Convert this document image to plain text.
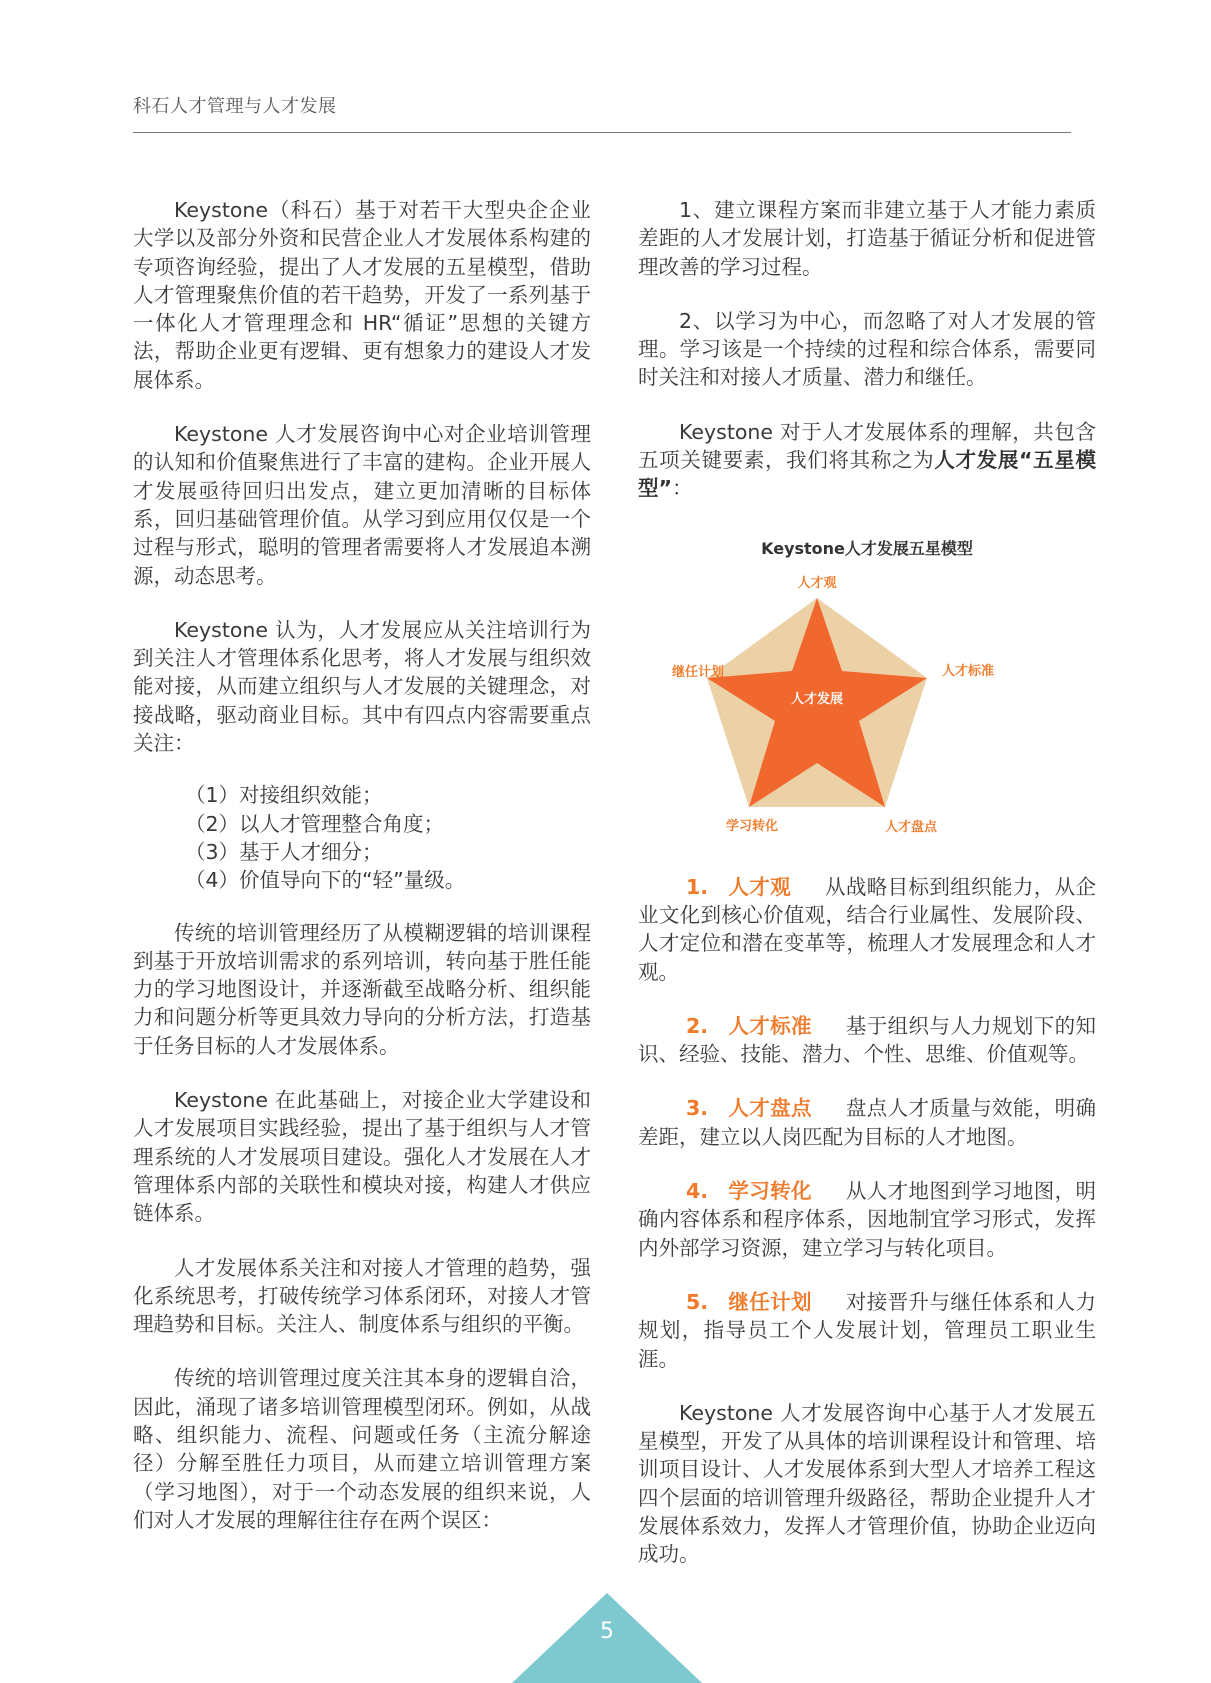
科石人才管理与人才发展

Keystone（科石）基于对若干大型央企企业大学以及部分外资和民营企业人才发展体系构建的专项咨询经验，提出了人才发展的五星模型，借助人才管理聚焦价值的若干趋势，开发了一系列基于一体化人才管理理念和 HR“循证”思想的关键方法，帮助企业更有逻辑、更有想象力的建设人才发展体系。

Keystone 人才发展咨询中心对企业培训管理的认知和价值聚焦进行了丰富的建构。企业开展人才发展亟待回归出发点，建立更加清晰的目标体系，回归基础管理价值。从学习到应用仅仅是一个过程与形式，聪明的管理者需要将人才发展追本溯源，动态思考。

Keystone 认为，人才发展应从关注培训行为到关注人才管理体系化思考，将人才发展与组织效能对接，从而建立组织与人才发展的关键理念，对接战略，驱动商业目标。其中有四点内容需要重点关注：

（1）对接组织效能；
（2）以人才管理整合角度；
（3）基于人才细分；
（4）价值导向下的“轻”量级。

传统的培训管理经历了从模糊逻辑的培训课程到基于开放培训需求的系列培训，转向基于胜任能力的学习地图设计，并逐渐截至战略分析、组织能力和问题分析等更具效力导向的分析方法，打造基于任务目标的人才发展体系。

Keystone 在此基础上，对接企业大学建设和人才发展项目实践经验，提出了基于组织与人才管理系统的人才发展项目建设。强化人才发展在人才管理体系内部的关联性和模块对接，构建人才供应链体系。

人才发展体系关注和对接人才管理的趋势，强化系统思考，打破传统学习体系闭环，对接人才管理趋势和目标。关注人、制度体系与组织的平衡。

传统的培训管理过度关注其本身的逻辑自洽，因此，涌现了诸多培训管理模型闭环。例如，从战略、组织能力、流程、问题或任务（主流分解途径）分解至胜任力项目，从而建立培训管理方案（学习地图），对于一个动态发展的组织来说，人们对人才发展的理解往往存在两个误区：

1、建立课程方案而非建立基于人才能力素质差距的人才发展计划，打造基于循证分析和促进管理改善的学习过程。

2、以学习为中心，而忽略了对人才发展的管理。学习该是一个持续的过程和综合体系，需要同时关注和对接人才质量、潜力和继任。

Keystone 对于人才发展体系的理解，共包含五项关键要素，我们将其称之为人才发展“五星模型”：

Keystone人才发展五星模型
人才发展
人才观
人才标准
人才盘点
学习转化
继任计划
1. 人才观 从战略目标到组织能力，从企业文化到核心价值观，结合行业属性、发展阶段、人才定位和潜在变革等，梳理人才发展理念和人才观。
2. 人才标准 基于组织与人力规划下的知识、经验、技能、潜力、个性、思维、价值观等。
3. 人才盘点 盘点人才质量与效能，明确差距，建立以人岗匹配为目标的人才地图。
4. 学习转化 从人才地图到学习地图，明确内容体系和程序体系，因地制宜学习形式，发挥内外部学习资源，建立学习与转化项目。
5. 继任计划 对接晋升与继任体系和人力规划，指导员工个人发展计划，管理员工职业生涯。

Keystone 人才发展咨询中心基于人才发展五星模型，开发了从具体的培训课程设计和管理、培训项目设计、人才发展体系到大型人才培养工程这四个层面的培训管理升级路径，帮助企业提升人才发展体系效力，发挥人才管理价值，协助企业迈向成功。

5
